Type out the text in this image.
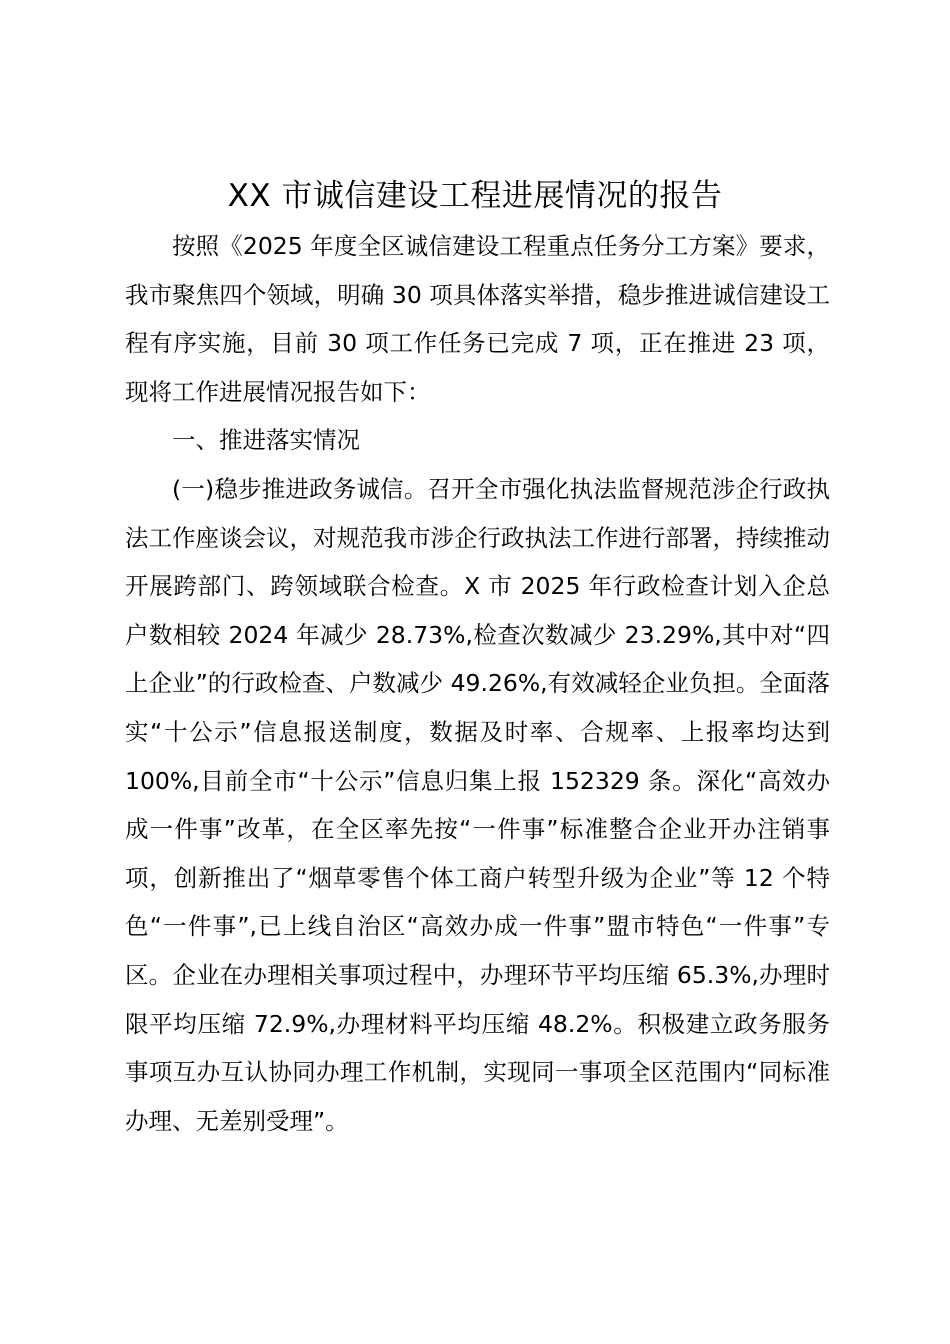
XX 市诚信建设工程进展情况的报告

按照《2025 年度全区诚信建设工程重点任务分工方案》要求，我市聚焦四个领域，明确 30 项具体落实举措，稳步推进诚信建设工程有序实施，目前 30 项工作任务已完成 7 项，正在推进 23 项，现将工作进展情况报告如下：

一、推进落实情况

(一)稳步推进政务诚信。召开全市强化执法监督规范涉企行政执法工作座谈会议，对规范我市涉企行政执法工作进行部署，持续推动开展跨部门、跨领域联合检查。X 市 2025 年行政检查计划入企总户数相较 2024 年减少 28.73%,检查次数减少 23.29%,其中对“四上企业”的行政检查、户数减少 49.26%,有效减轻企业负担。全面落实“十公示”信息报送制度，数据及时率、合规率、上报率均达到 100%,目前全市“十公示”信息归集上报 152329 条。深化“高效办成一件事”改革，在全区率先按“一件事”标准整合企业开办注销事项，创新推出了“烟草零售个体工商户转型升级为企业”等 12 个特色“一件事”,已上线自治区“高效办成一件事”盟市特色“一件事”专区。企业在办理相关事项过程中，办理环节平均压缩 65.3%,办理时限平均压缩 72.9%,办理材料平均压缩 48.2%。积极建立政务服务事项互办互认协同办理工作机制，实现同一事项全区范围内“同标准办理、无差别受理”。
